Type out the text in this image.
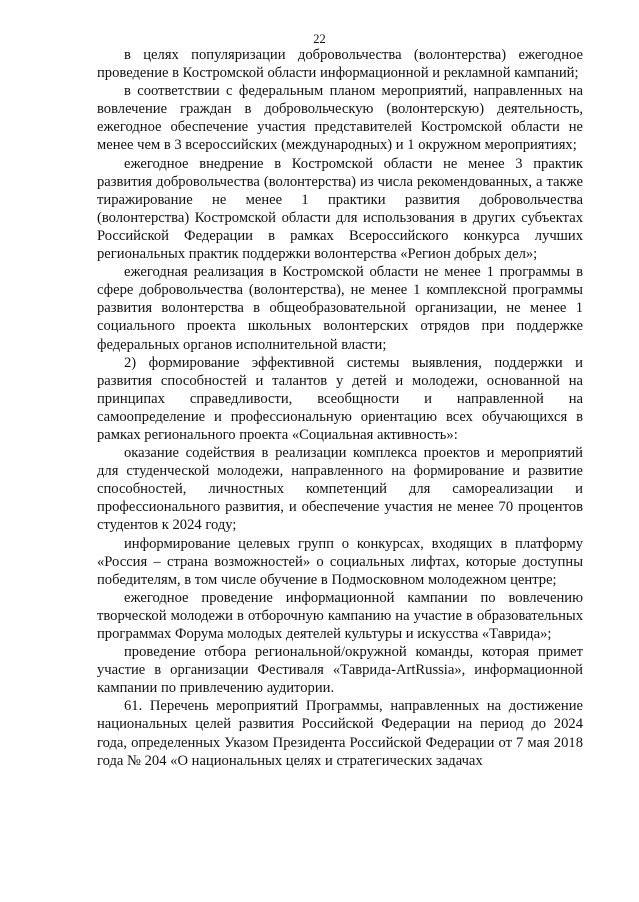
22

в целях популяризации добровольчества (волонтерства) ежегодное проведение в Костромской области информационной и рекламной кампаний;

в соответствии с федеральным планом мероприятий, направленных на вовлечение граждан в добровольческую (волонтерскую) деятельность, ежегодное обеспечение участия представителей Костромской области не менее чем в 3 всероссийских (международных) и 1 окружном мероприятиях;

ежегодное внедрение в Костромской области не менее 3 практик развития добровольчества (волонтерства) из числа рекомендованных, а также тиражирование не менее 1 практики развития добровольчества (волонтерства) Костромской области для использования в других субъектах Российской Федерации в рамках Всероссийского конкурса лучших региональных практик поддержки волонтерства «Регион добрых дел»;

ежегодная реализация в Костромской области не менее 1 программы в сфере добровольчества (волонтерства), не менее 1 комплексной программы развития волонтерства в общеобразовательной организации, не менее 1 социального проекта школьных волонтерских отрядов при поддержке федеральных органов исполнительной власти;

2) формирование эффективной системы выявления, поддержки и развития способностей и талантов у детей и молодежи, основанной на принципах справедливости, всеобщности и направленной на самоопределение и профессиональную ориентацию всех обучающихся в рамках регионального проекта «Социальная активность»:

оказание содействия в реализации комплекса проектов и мероприятий для студенческой молодежи, направленного на формирование и развитие способностей, личностных компетенций для самореализации и профессионального развития, и обеспечение участия не менее 70 процентов студентов к 2024 году;

информирование целевых групп о конкурсах, входящих в платформу «Россия – страна возможностей» о социальных лифтах, которые доступны победителям, в том числе обучение в Подмосковном молодежном центре;

ежегодное проведение информационной кампании по вовлечению творческой молодежи в отборочную кампанию на участие в образовательных программах Форума молодых деятелей культуры и искусства «Таврида»;

проведение отбора региональной/окружной команды, которая примет участие в организации Фестиваля «Таврида-ArtRussia», информационной кампании по привлечению аудитории.

61. Перечень мероприятий Программы, направленных на достижение национальных целей развития Российской Федерации на период до 2024 года, определенных Указом Президента Российской Федерации от 7 мая 2018 года № 204 «О национальных целях и стратегических задачах
